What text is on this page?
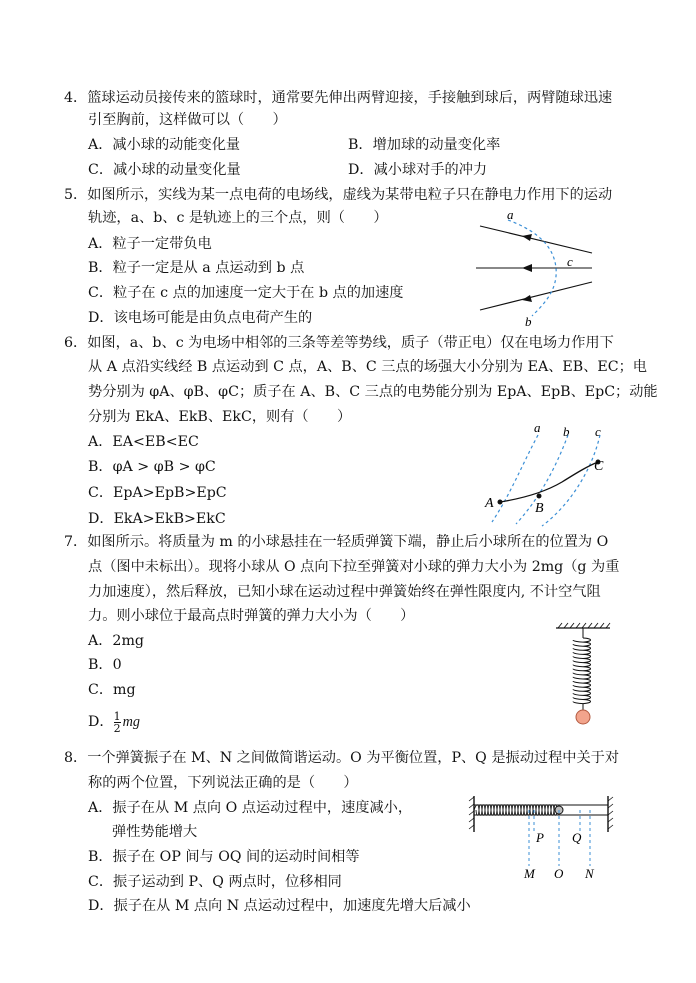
4．篮球运动员接传来的篮球时，通常要先伸出两臂迎接，手接触到球后，两臂随球迅速
引至胸前，这样做可以（　　）
A．减小球的动能变化量	B．增加球的动量变化率
C．减小球的动量变化量	D．减小球对手的冲力
5．如图所示，实线为某一点电荷的电场线，虚线为某带电粒子只在静电力作用下的运动
轨迹，a、b、c 是轨迹上的三个点，则（　　）
A．粒子一定带负电
B．粒子一定是从 a 点运动到 b 点
C．粒子在 c 点的加速度一定大于在 b 点的加速度
D．该电场可能是由负点电荷产生的
a
c
b
6．如图，a、b、c 为电场中相邻的三条等差等势线，质子（带正电）仅在电场力作用下
从 A 点沿实线经 B 点运动到 C 点，A、B、C 三点的场强大小分别为 EA、EB、EC；电
势分别为 φA、φB、φC；质子在 A、B、C 三点的电势能分别为 EpA、EpB、EpC；动能
分别为 EkA、EkB、EkC，则有（　　）
A．EA<EB<EC
B．φA > φB > φC
C．EpA>EpB>EpC
D．EkA>EkB>EkC
a b c
A	B
C
7．如图所示。将质量为 m 的小球悬挂在一轻质弹簧下端，静止后小球所在的位置为 O
点（图中未标出）。现将小球从 O 点向下拉至弹簧对小球的弹力大小为 2mg（g 为重
力加速度），然后释放，已知小球在运动过程中弹簧始终在弹性限度内, 不计空气阻
力。则小球位于最高点时弹簧的弹力大小为（　　）
A．2mg
B．0
C．mg
D． $\frac{1}{2}$ mg
8．一个弹簧振子在 M、N 之间做简谐运动。O 为平衡位置，P、Q 是振动过程中关于对
称的两个位置，下列说法正确的是（　　）
A．振子在从 M 点向 O 点运动过程中，速度减小，
弹性势能增大
B．振子在 OP 间与 OQ 间的运动时间相等
C．振子运动到 P、Q 两点时，位移相同
D．振子在从 M 点向 N 点运动过程中，加速度先增大后减小
P Q
M O N
